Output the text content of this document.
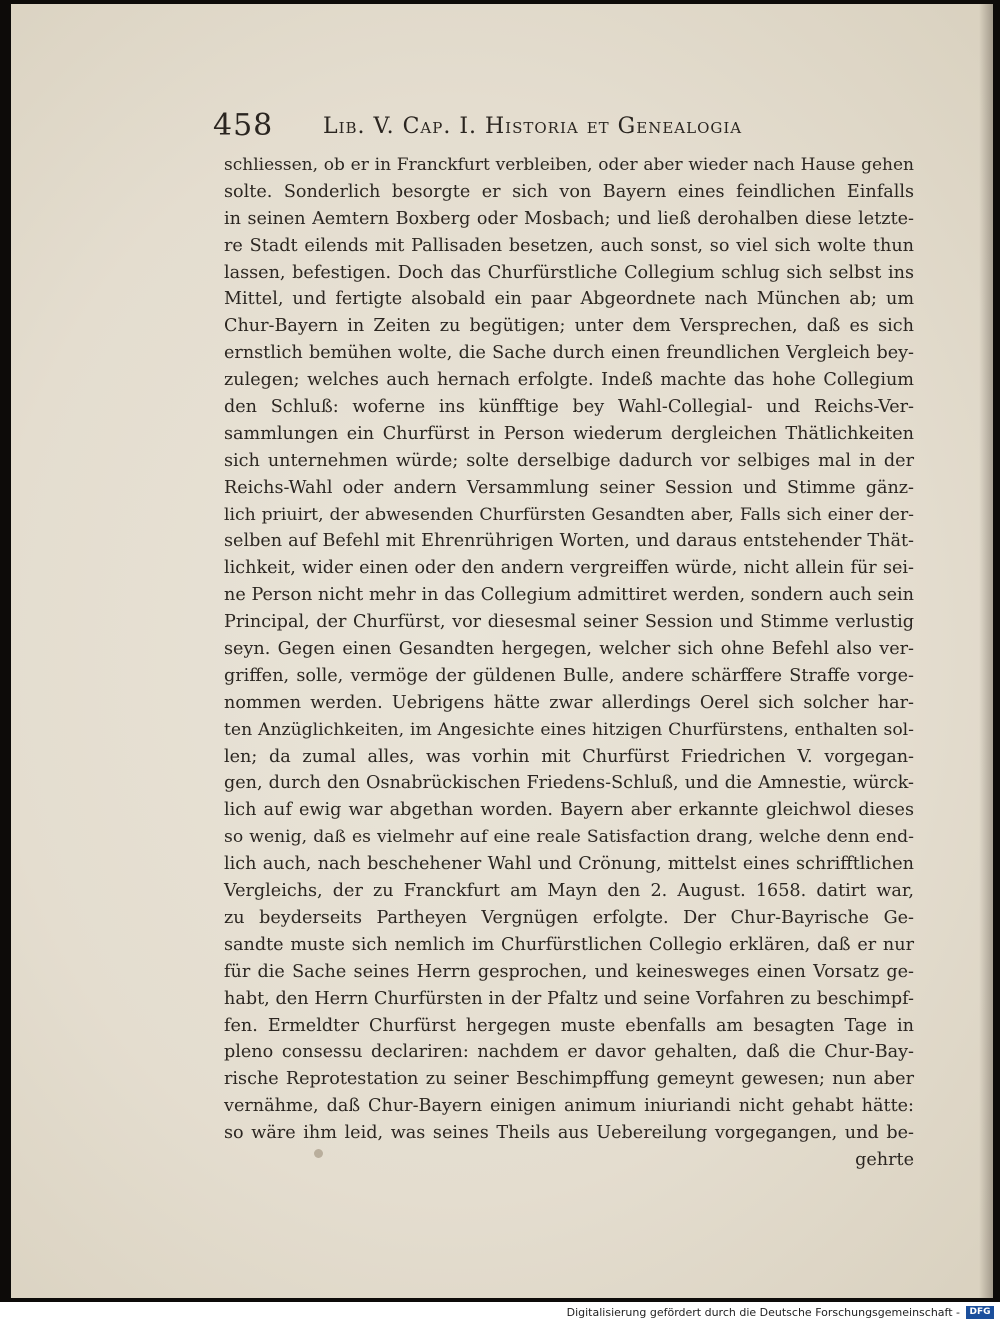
458 Lib. V. Cap. I. Historia et Genealogia
schliessen, ob er in Franckfurt verbleiben, oder aber wieder nach Hause gehen
solte. Sonderlich besorgte er sich von Bayern eines feindlichen Einfalls
in seinen Aemtern Boxberg oder Mosbach; und ließ derohalben diese letzte-
re Stadt eilends mit Pallisaden besetzen, auch sonst, so viel sich wolte thun
lassen, befestigen. Doch das Churfürstliche Collegium schlug sich selbst ins
Mittel, und fertigte alsobald ein paar Abgeordnete nach München ab; um
Chur-Bayern in Zeiten zu begütigen; unter dem Versprechen, daß es sich
ernstlich bemühen wolte, die Sache durch einen freundlichen Vergleich bey-
zulegen; welches auch hernach erfolgte. Indeß machte das hohe Collegium
den Schluß: woferne ins künfftige bey Wahl-Collegial- und Reichs-Ver-
sammlungen ein Churfürst in Person wiederum dergleichen Thätlichkeiten
sich unternehmen würde; solte derselbige dadurch vor selbiges mal in der
Reichs-Wahl oder andern Versammlung seiner Session und Stimme gänz-
lich priuirt, der abwesenden Churfürsten Gesandten aber, Falls sich einer der-
selben auf Befehl mit Ehrenrührigen Worten, und daraus entstehender Thät-
lichkeit, wider einen oder den andern vergreiffen würde, nicht allein für sei-
ne Person nicht mehr in das Collegium admittiret werden, sondern auch sein
Principal, der Churfürst, vor diesesmal seiner Session und Stimme verlustig
seyn. Gegen einen Gesandten hergegen, welcher sich ohne Befehl also ver-
griffen, solle, vermöge der güldenen Bulle, andere schärffere Straffe vorge-
nommen werden. Uebrigens hätte zwar allerdings Oerel sich solcher har-
ten Anzüglichkeiten, im Angesichte eines hitzigen Churfürstens, enthalten sol-
len; da zumal alles, was vorhin mit Churfürst Friedrichen V. vorgegan-
gen, durch den Osnabrückischen Friedens-Schluß, und die Amnestie, würck-
lich auf ewig war abgethan worden. Bayern aber erkannte gleichwol dieses
so wenig, daß es vielmehr auf eine reale Satisfaction drang, welche denn end-
lich auch, nach beschehener Wahl und Crönung, mittelst eines schrifftlichen
Vergleichs, der zu Franckfurt am Mayn den 2. August. 1658. datirt war,
zu beyderseits Partheyen Vergnügen erfolgte. Der Chur-Bayrische Ge-
sandte muste sich nemlich im Churfürstlichen Collegio erklären, daß er nur
für die Sache seines Herrn gesprochen, und keinesweges einen Vorsatz ge-
habt, den Herrn Churfürsten in der Pfaltz und seine Vorfahren zu beschimpf-
fen. Ermeldter Churfürst hergegen muste ebenfalls am besagten Tage in
pleno consessu declariren: nachdem er davor gehalten, daß die Chur-Bay-
rische Reprotestation zu seiner Beschimpffung gemeynt gewesen; nun aber
vernähme, daß Chur-Bayern einigen animum iniuriandi nicht gehabt hätte:
so wäre ihm leid, was seines Theils aus Uebereilung vorgegangen, und be-
gehrte
Digitalisierung gefördert durch die Deutsche Forschungsgemeinschaft -	DFG
